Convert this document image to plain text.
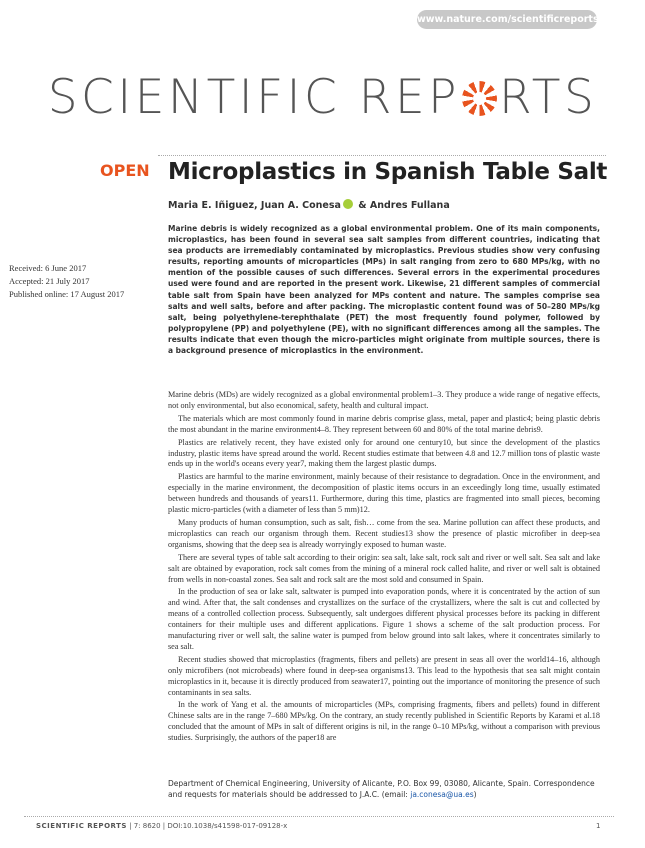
www.nature.com/scientificreports
SCIENTIFIC REP RTS
OPEN Microplastics in Spanish Table Salt
Maria E. Iñiguez, Juan A. Conesa & Andres Fullana
Received: 6 June 2017
Accepted: 21 July 2017
Published online: 17 August 2017

Marine debris is widely recognized as a global environmental problem. One of its main components, microplastics, has been found in several sea salt samples from different countries, indicating that sea products are irremediably contaminated by microplastics. Previous studies show very confusing results, reporting amounts of microparticles (MPs) in salt ranging from zero to 680 MPs/kg, with no mention of the possible causes of such differences. Several errors in the experimental procedures used were found and are reported in the present work. Likewise, 21 different samples of commercial table salt from Spain have been analyzed for MPs content and nature. The samples comprise sea salts and well salts, before and after packing. The microplastic content found was of 50–280 MPs/kg salt, being polyethylene-terephthalate (PET) the most frequently found polymer, followed by polypropylene (PP) and polyethylene (PE), with no significant differences among all the samples. The results indicate that even though the micro-particles might originate from multiple sources, there is a background presence of microplastics in the environment.

Marine debris (MDs) are widely recognized as a global environmental problem1–3. They produce a wide range of negative effects, not only environmental, but also economical, safety, health and cultural impact.

The materials which are most commonly found in marine debris comprise glass, metal, paper and plastic4; being plastic debris the most abundant in the marine environment4–8. They represent between 60 and 80% of the total marine debris9.

Plastics are relatively recent, they have existed only for around one century10, but since the development of the plastics industry, plastic items have spread around the world. Recent studies estimate that between 4.8 and 12.7 million tons of plastic waste ends up in the world's oceans every year7, making them the largest plastic dumps.

Plastics are harmful to the marine environment, mainly because of their resistance to degradation. Once in the environment, and especially in the marine environment, the decomposition of plastic items occurs in an exceedingly long time, usually estimated between hundreds and thousands of years11. Furthermore, during this time, plastics are fragmented into small pieces, becoming plastic micro-particles (with a diameter of less than 5 mm)12.

Many products of human consumption, such as salt, fish… come from the sea. Marine pollution can affect these products, and microplastics can reach our organism through them. Recent studies13 show the presence of plastic microfiber in deep-sea organisms, showing that the deep sea is already worryingly exposed to human waste.

There are several types of table salt according to their origin: sea salt, lake salt, rock salt and river or well salt. Sea salt and lake salt are obtained by evaporation, rock salt comes from the mining of a mineral rock called halite, and river or well salt is obtained from wells in non-coastal zones. Sea salt and rock salt are the most sold and consumed in Spain.

In the production of sea or lake salt, saltwater is pumped into evaporation ponds, where it is concentrated by the action of sun and wind. After that, the salt condenses and crystallizes on the surface of the crystallizers, where the salt is cut and collected by means of a controlled collection process. Subsequently, salt undergoes different physical processes before its packing in different containers for their multiple uses and different applications. Figure 1 shows a scheme of the salt production process. For manufacturing river or well salt, the saline water is pumped from below ground into salt lakes, where it concentrates similarly to sea salt.

Recent studies showed that microplastics (fragments, fibers and pellets) are present in seas all over the world14–16, although only microfibers (not microbeads) where found in deep-sea organisms13. This lead to the hypothesis that sea salt might contain microplastics in it, because it is directly produced from seawater17, pointing out the importance of monitoring the presence of such contaminants in sea salts.

In the work of Yang et al. the amounts of microparticles (MPs, comprising fragments, fibers and pellets) found in different Chinese salts are in the range 7–680 MPs/kg. On the contrary, an study recently published in Scientific Reports by Karami et al.18 concluded that the amount of MPs in salt of different origins is nil, in the range 0–10 MPs/kg, without a comparison with previous studies. Surprisingly, the authors of the paper18 are

Department of Chemical Engineering, University of Alicante, P.O. Box 99, 03080, Alicante, Spain. Correspondence and requests for materials should be addressed to J.A.C. (email: ja.conesa@ua.es)

SCIENTIFIC REPORTS | 7: 8620 | DOI:10.1038/s41598-017-09128-x	1
